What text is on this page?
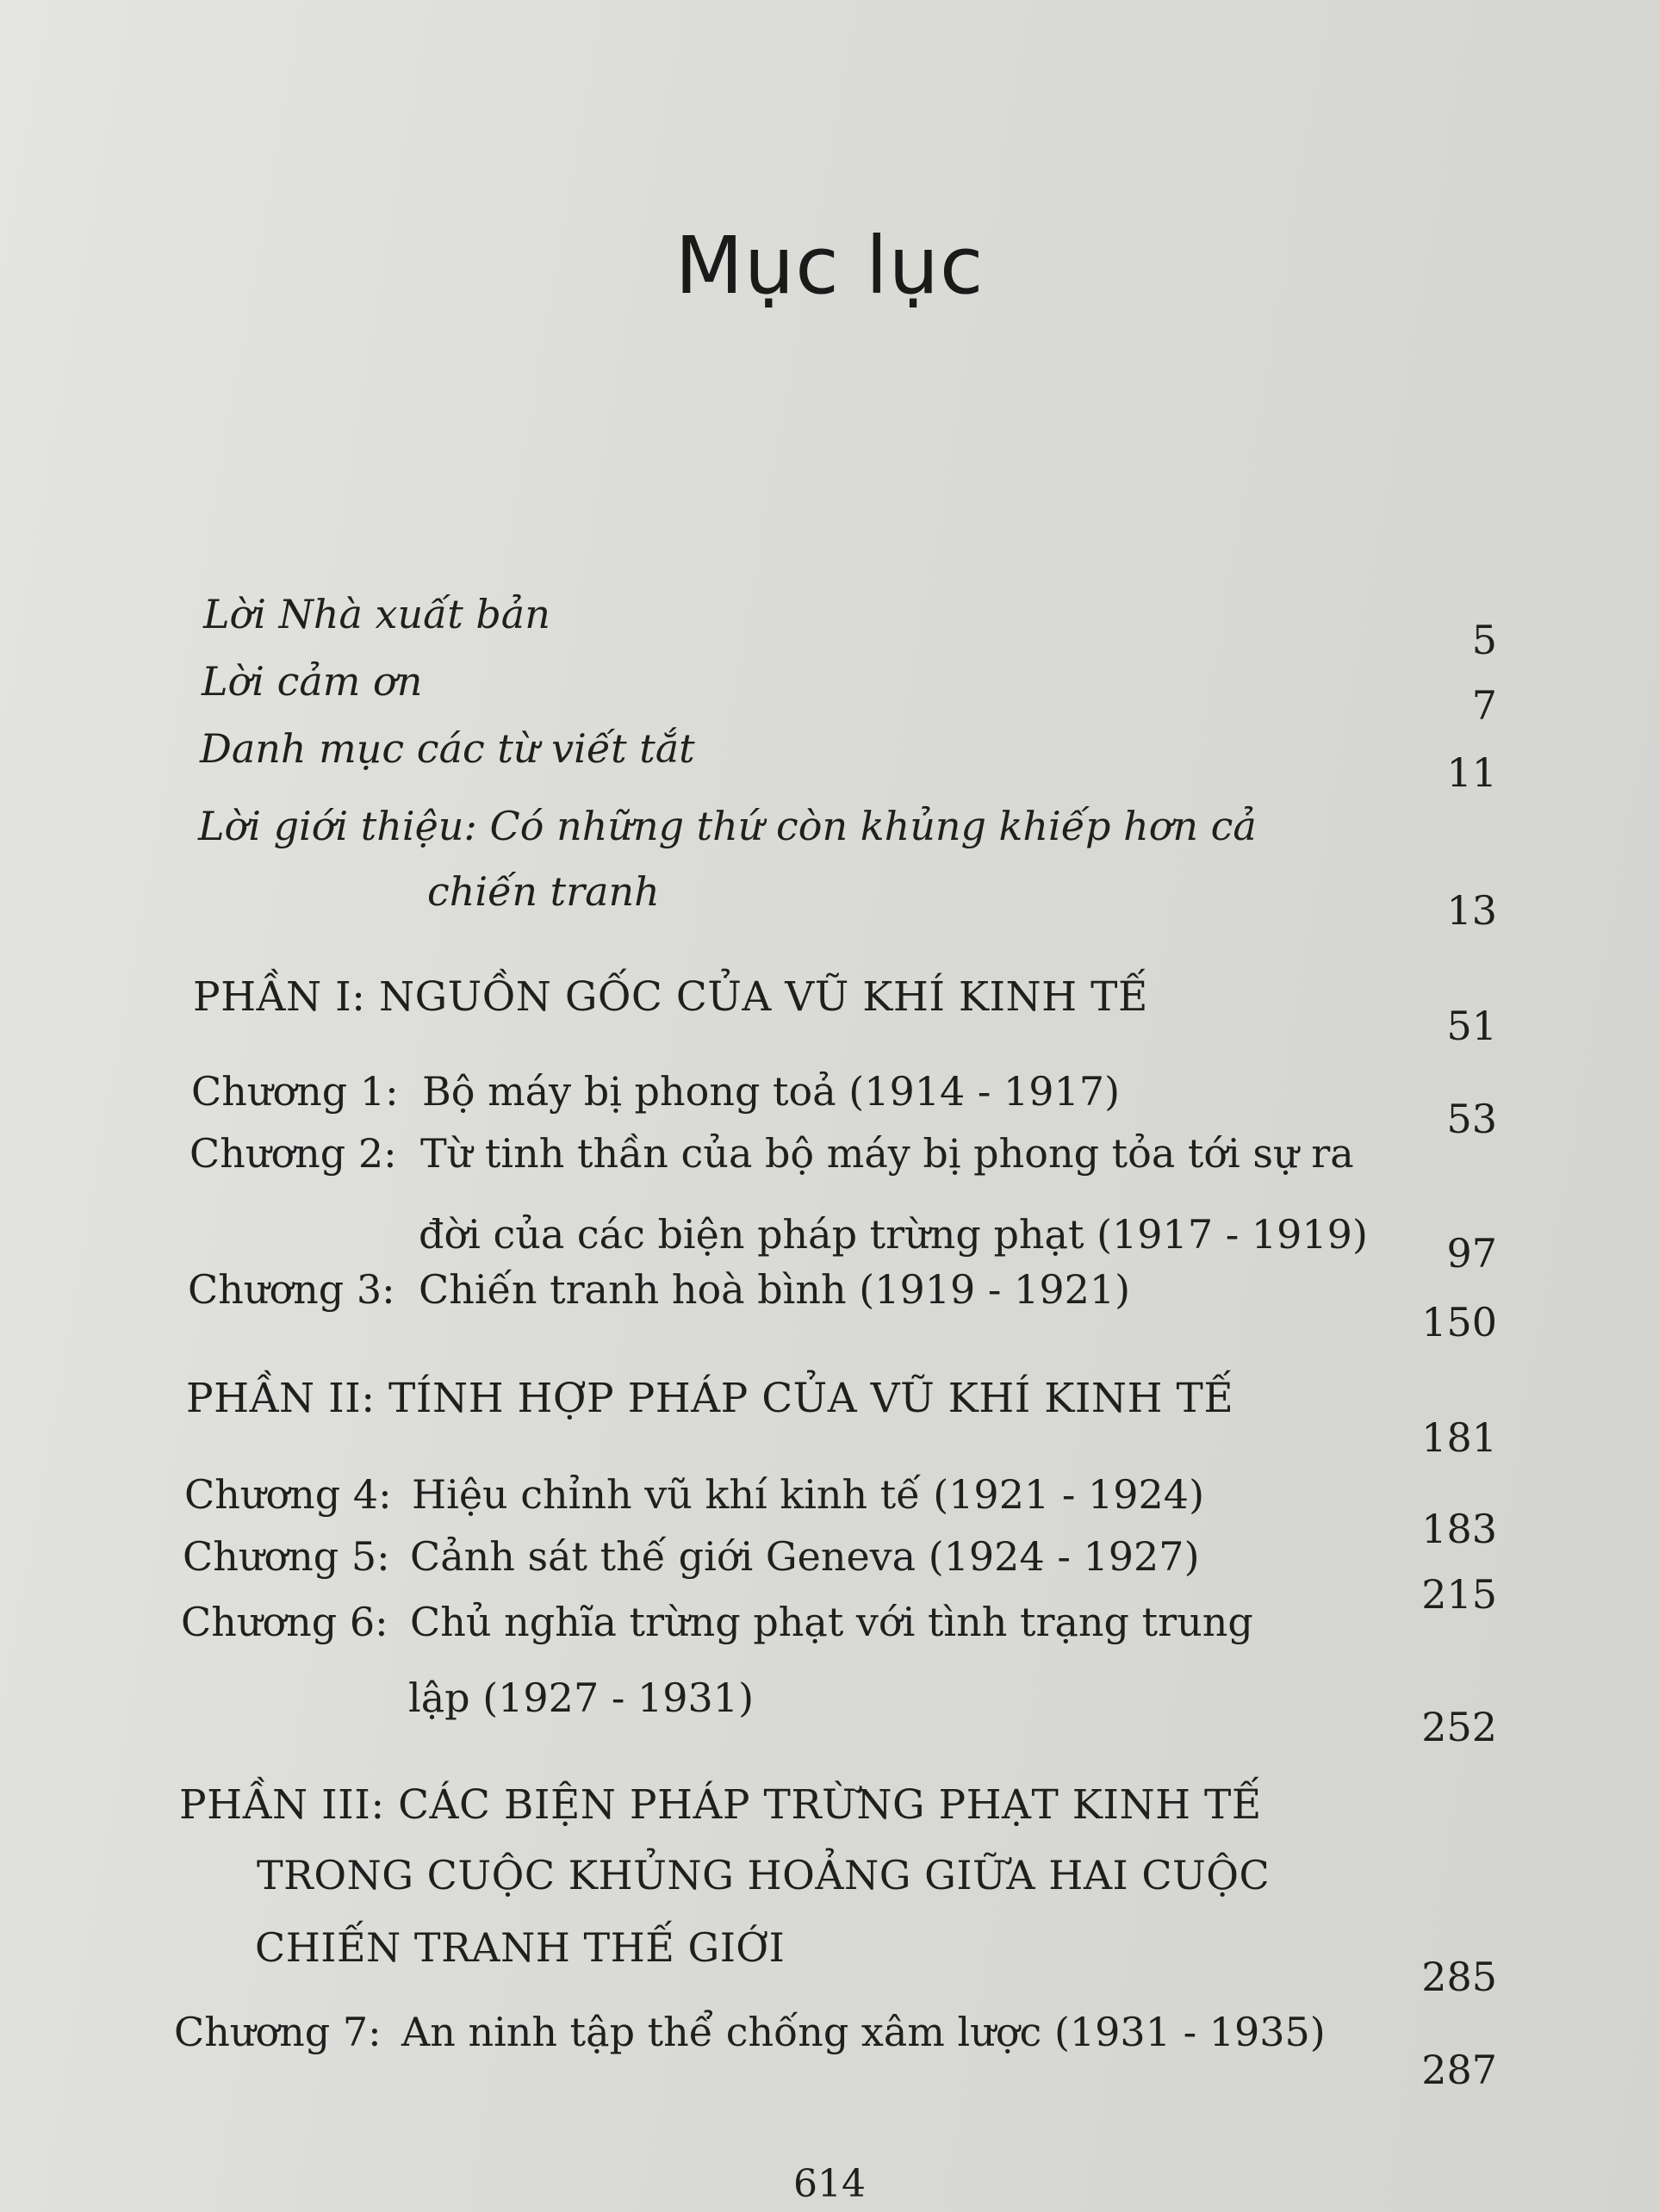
Mục lục
Lời Nhà xuất bản
5
Lời cảm ơn
7
Danh mục các từ viết tắt
11
Lời giới thiệu: Có những thứ còn khủng khiếp hơn cả
chiến tranh	13
PHẦN I: NGUỒN GỐC CỦA VŨ KHÍ KINH TẾ
51
Chương 1: Bộ máy bị phong toả (1914 - 1917)
53
Chương 2: Từ tinh thần của bộ máy bị phong tỏa tới sự ra
đời của các biện pháp trừng phạt (1917 - 1919)	97
Chương 3: Chiến tranh hoà bình (1919 - 1921)
150
PHẦN II: TÍNH HỢP PHÁP CỦA VŨ KHÍ KINH TẾ
181
Chương 4: Hiệu chỉnh vũ khí kinh tế (1921 - 1924)
183
Chương 5: Cảnh sát thế giới Geneva (1924 - 1927)
215
Chương 6: Chủ nghĩa trừng phạt với tình trạng trung
lập (1927 - 1931)
252
PHẦN III: CÁC BIỆN PHÁP TRỪNG PHẠT KINH TẾ
TRONG CUỘC KHỦNG HOẢNG GIỮA HAI CUỘC
CHIẾN TRANH THẾ GIỚI
285
Chương 7: An ninh tập thể chống xâm lược (1931 - 1935)
287
614
